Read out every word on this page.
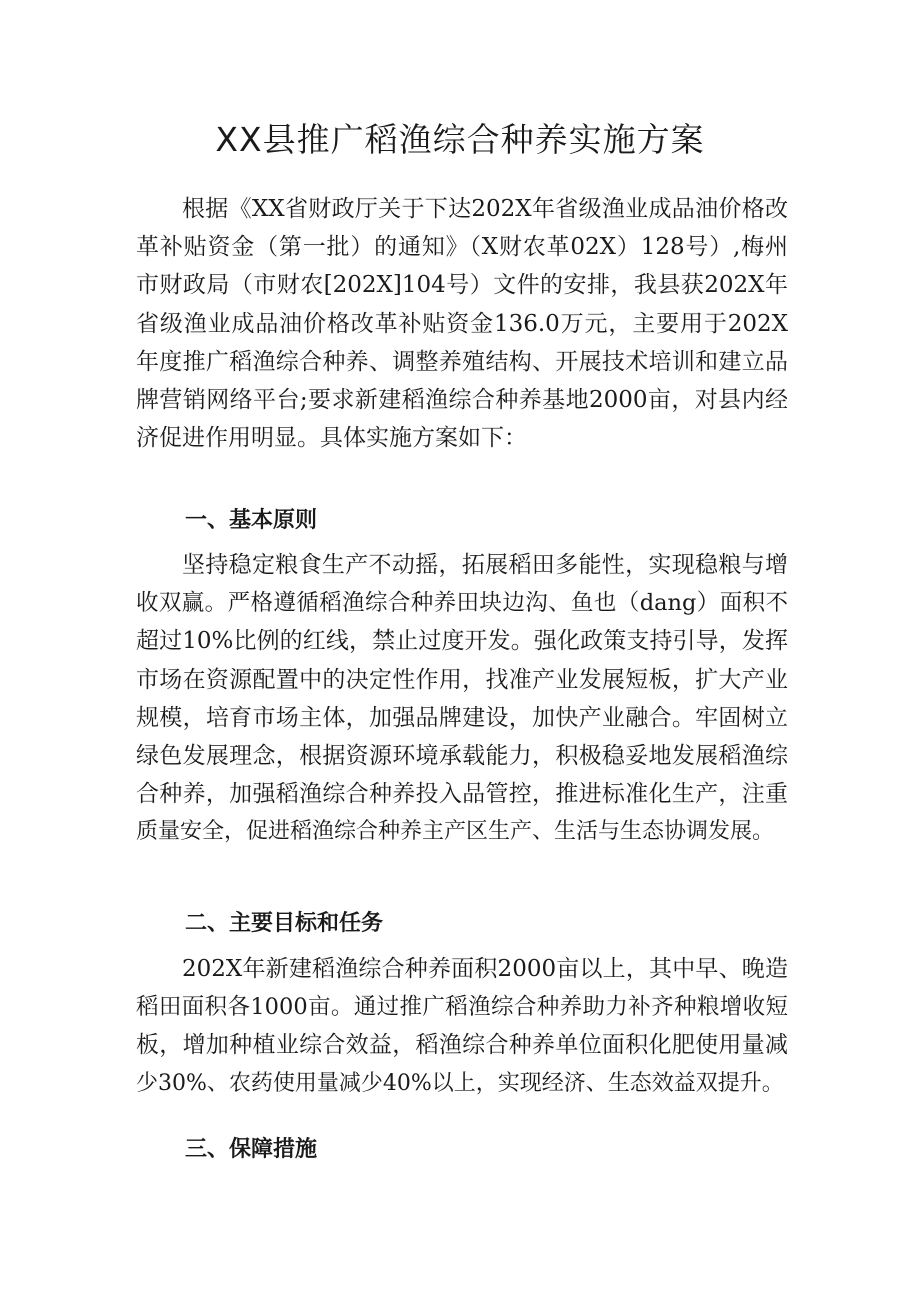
XX县推广稻渔综合种养实施方案
根据《XX省财政厅关于下达202X年省级渔业成品油价格改
革补贴资金（第一批）的通知》（X财农革02X）128号）,梅州
市财政局（市财农[202X]104号）文件的安排，我县获202X年
省级渔业成品油价格改革补贴资金136.0万元，主要用于202X
年度推广稻渔综合种养、调整养殖结构、开展技术培训和建立品
牌营销网络平台;要求新建稻渔综合种养基地2000亩，对县内经
济促进作用明显。具体实施方案如下：
一、基本原则
坚持稳定粮食生产不动摇，拓展稻田多能性，实现稳粮与增
收双赢。严格遵循稻渔综合种养田块边沟、鱼也（dang）面积不
超过10%比例的红线，禁止过度开发。强化政策支持引导，发挥
市场在资源配置中的决定性作用，找准产业发展短板，扩大产业
规模，培育市场主体，加强品牌建设，加快产业融合。牢固树立
绿色发展理念，根据资源环境承载能力，积极稳妥地发展稻渔综
合种养，加强稻渔综合种养投入品管控，推进标准化生产，注重
质量安全，促进稻渔综合种养主产区生产、生活与生态协调发展。
二、主要目标和任务
202X年新建稻渔综合种养面积2000亩以上，其中早、晚造
稻田面积各1000亩。通过推广稻渔综合种养助力补齐种粮增收短
板，增加种植业综合效益，稻渔综合种养单位面积化肥使用量减
少30%、农药使用量减少40%以上，实现经济、生态效益双提升。
三、保障措施
